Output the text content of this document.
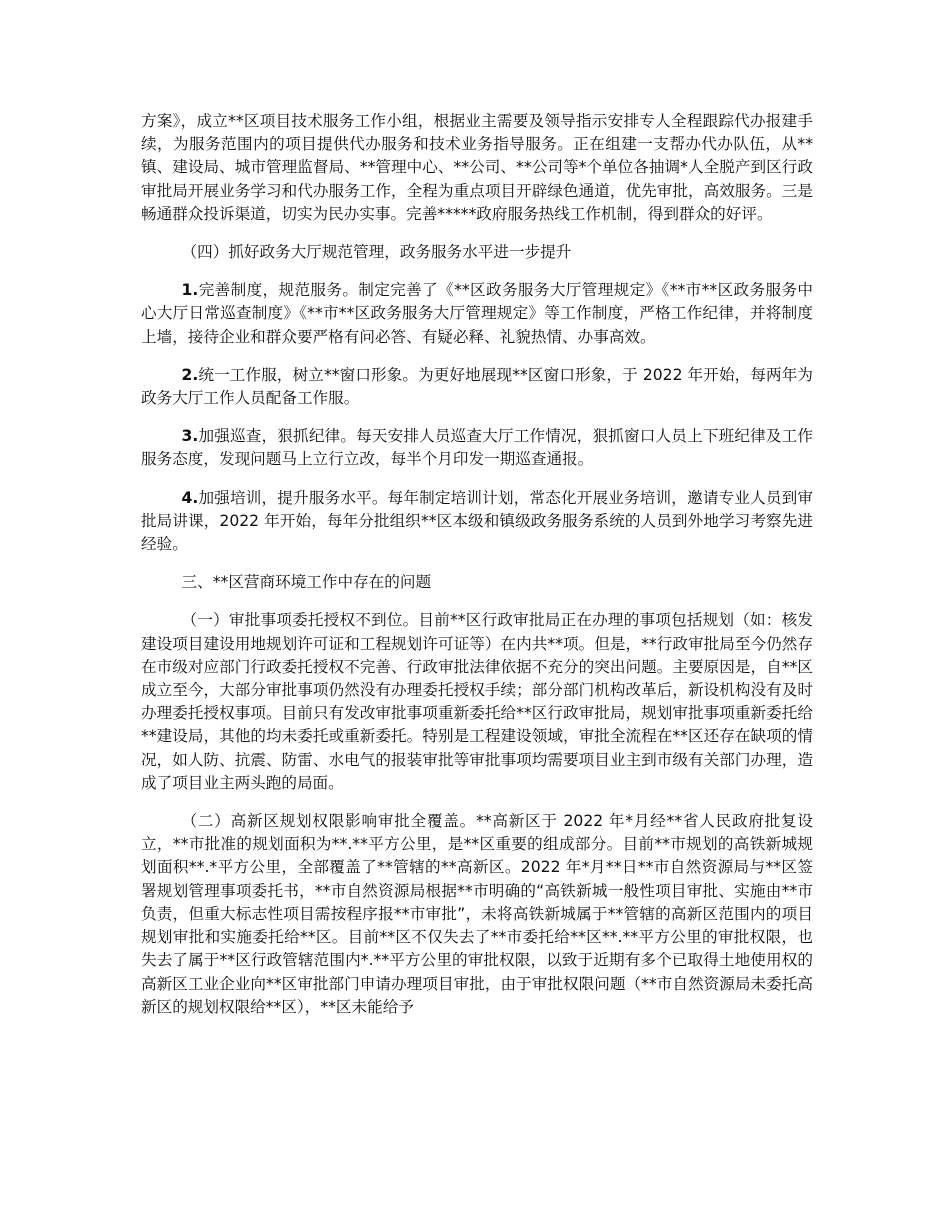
方案》，成立**区项目技术服务工作小组，根据业主需要及领导指示安排专人全程跟踪代办报建手续，为服务范围内的项目提供代办服务和技术业务指导服务。正在组建一支帮办代办队伍，从**镇、建设局、城市管理监督局、**管理中心、**公司、**公司等*个单位各抽调*人全脱产到区行政审批局开展业务学习和代办服务工作，全程为重点项目开辟绿色通道，优先审批，高效服务。三是畅通群众投诉渠道，切实为民办实事。完善*****政府服务热线工作机制，得到群众的好评。

（四）抓好政务大厅规范管理，政务服务水平进一步提升

1.完善制度，规范服务。制定完善了《**区政务服务大厅管理规定》《**市**区政务服务中心大厅日常巡查制度》《**市**区政务服务大厅管理规定》等工作制度，严格工作纪律，并将制度上墙，接待企业和群众要严格有问必答、有疑必释、礼貌热情、办事高效。

2.统一工作服，树立**窗口形象。为更好地展现**区窗口形象，于 2022 年开始，每两年为政务大厅工作人员配备工作服。

3.加强巡查，狠抓纪律。每天安排人员巡查大厅工作情况，狠抓窗口人员上下班纪律及工作服务态度，发现问题马上立行立改，每半个月印发一期巡查通报。

4.加强培训，提升服务水平。每年制定培训计划，常态化开展业务培训，邀请专业人员到审批局讲课，2022 年开始，每年分批组织**区本级和镇级政务服务系统的人员到外地学习考察先进经验。

三、**区营商环境工作中存在的问题

（一）审批事项委托授权不到位。目前**区行政审批局正在办理的事项包括规划（如：核发建设项目建设用地规划许可证和工程规划许可证等）在内共**项。但是，**行政审批局至今仍然存在市级对应部门行政委托授权不完善、行政审批法律依据不充分的突出问题。主要原因是，自**区成立至今，大部分审批事项仍然没有办理委托授权手续；部分部门机构改革后，新设机构没有及时办理委托授权事项。目前只有发改审批事项重新委托给**区行政审批局，规划审批事项重新委托给**建设局，其他的均未委托或重新委托。特别是工程建设领域，审批全流程在**区还存在缺项的情况，如人防、抗震、防雷、水电气的报装审批等审批事项均需要项目业主到市级有关部门办理，造成了项目业主两头跑的局面。

（二）高新区规划权限影响审批全覆盖。**高新区于 2022 年*月经**省人民政府批复设立，**市批准的规划面积为**.**平方公里，是**区重要的组成部分。目前**市规划的高铁新城规划面积**.*平方公里，全部覆盖了**管辖的**高新区。2022 年*月**日**市自然资源局与**区签署规划管理事项委托书，**市自然资源局根据**市明确的“高铁新城一般性项目审批、实施由**市负责，但重大标志性项目需按程序报**市审批”，未将高铁新城属于**管辖的高新区范围内的项目规划审批和实施委托给**区。目前**区不仅失去了**市委托给**区**.**平方公里的审批权限，也失去了属于**区行政管辖范围内*.**平方公里的审批权限，以致于近期有多个已取得土地使用权的高新区工业企业向**区审批部门申请办理项目审批，由于审批权限问题（**市自然资源局未委托高新区的规划权限给**区），**区未能给予
